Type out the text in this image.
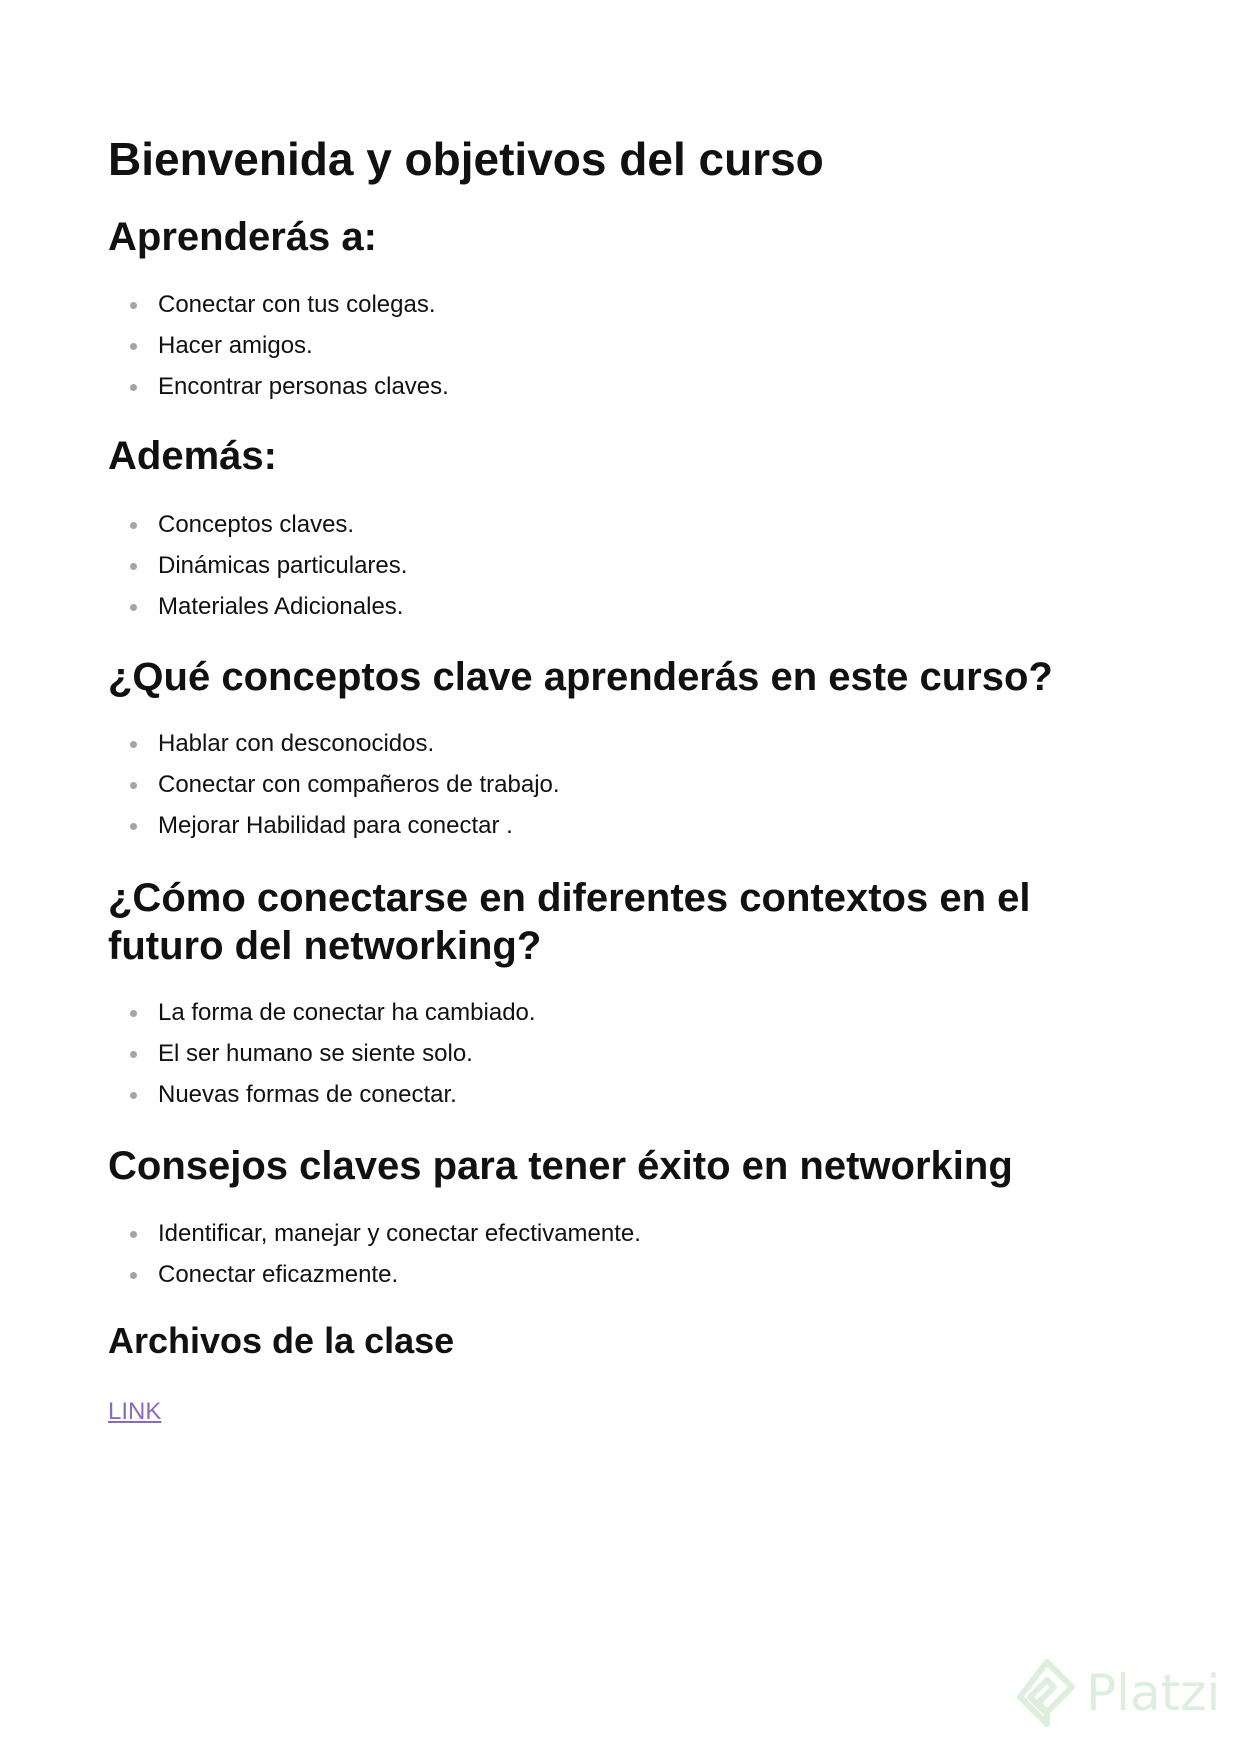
Bienvenida y objetivos del curso
Aprenderás a:
Conectar con tus colegas.
Hacer amigos.
Encontrar personas claves.
Además:
Conceptos claves.
Dinámicas particulares.
Materiales Adicionales.
¿Qué conceptos clave aprenderás en este curso?
Hablar con desconocidos.
Conectar con compañeros de trabajo.
Mejorar Habilidad para conectar .
¿Cómo conectarse en diferentes contextos en el
futuro del networking?
La forma de conectar ha cambiado.
El ser humano se siente solo.
Nuevas formas de conectar.
Consejos claves para tener éxito en networking
Identificar, manejar y conectar efectivamente.
Conectar eficazmente.
Archivos de la clase
LINK
Platzi
